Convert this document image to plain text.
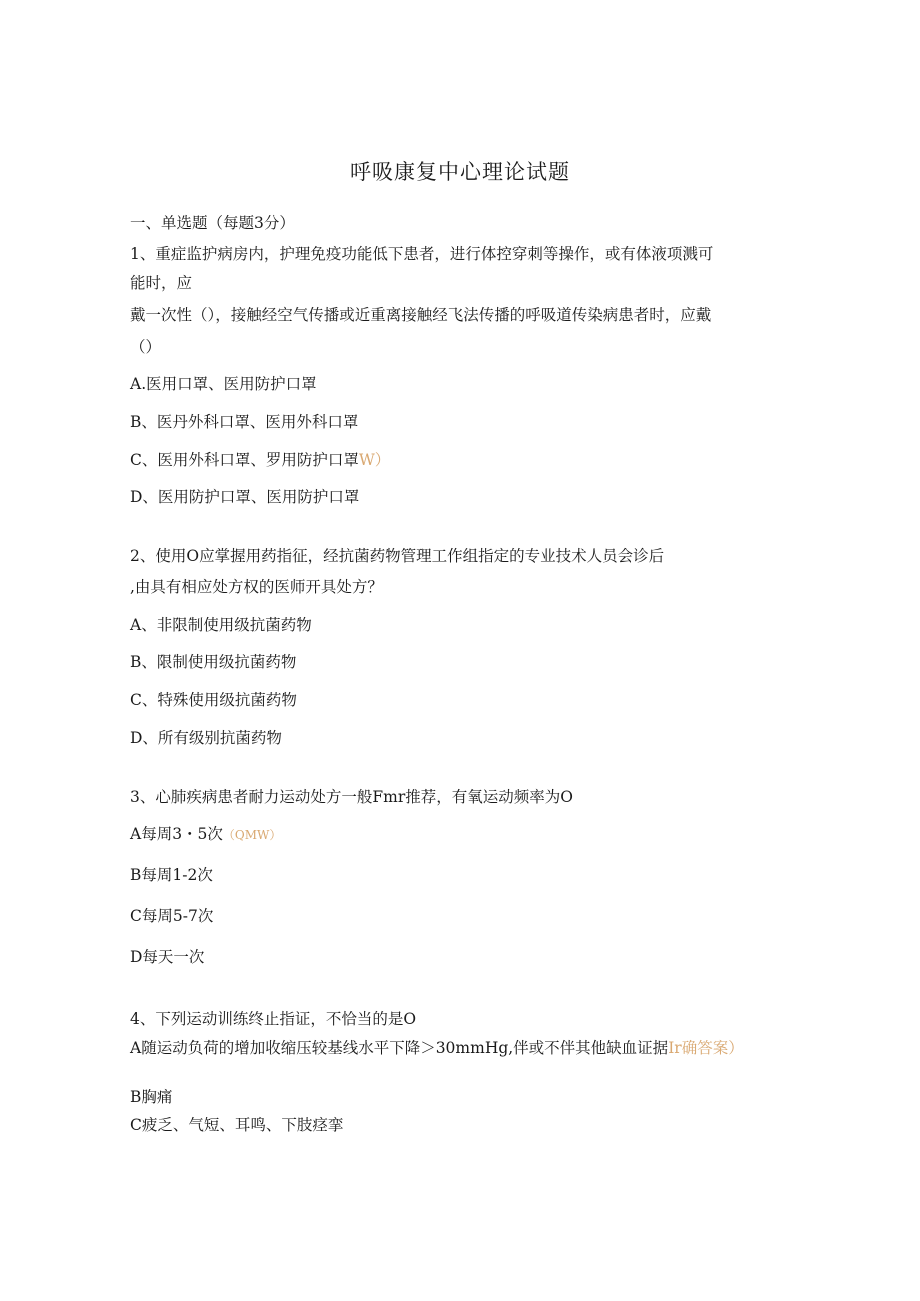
呼吸康复中心理论试题
一、单选题（每题3分）
1、重症监护病房内，护理免疫功能低下患者，进行体控穿刺等操作，或有体液项溅可
能时，应
戴一次性（），接触经空气传播或近重离接触经飞法传播的呼吸道传染病患者时，应戴
（）
A.医用口罩、医用防护口罩
B、医丹外科口罩、医用外科口罩
C、医用外科口罩、罗用防护口罩W）
D、医用防护口罩、医用防护口罩
2、使用O应掌握用药指征，经抗菌药物管理工作组指定的专业技术人员会诊后
,由具有相应处方权的医师开具处方？
A、非限制使用级抗菌药物
B、限制使用级抗菌药物
C、特殊使用级抗菌药物
D、所有级别抗菌药物
3、心肺疾病患者耐力运动处方一般Fmr推荐，有氧运动频率为O
A每周3・5次（QMW）
B每周1-2次
C每周5-7次
D每天一次
4、下列运动训练终止指证，不恰当的是O
A随运动负荷的增加收缩压较基线水平下降＞30mmHg,伴或不伴其他缺血证据Ir确答案）
B胸痛
C疲乏、气短、耳鸣、下肢痉挛
